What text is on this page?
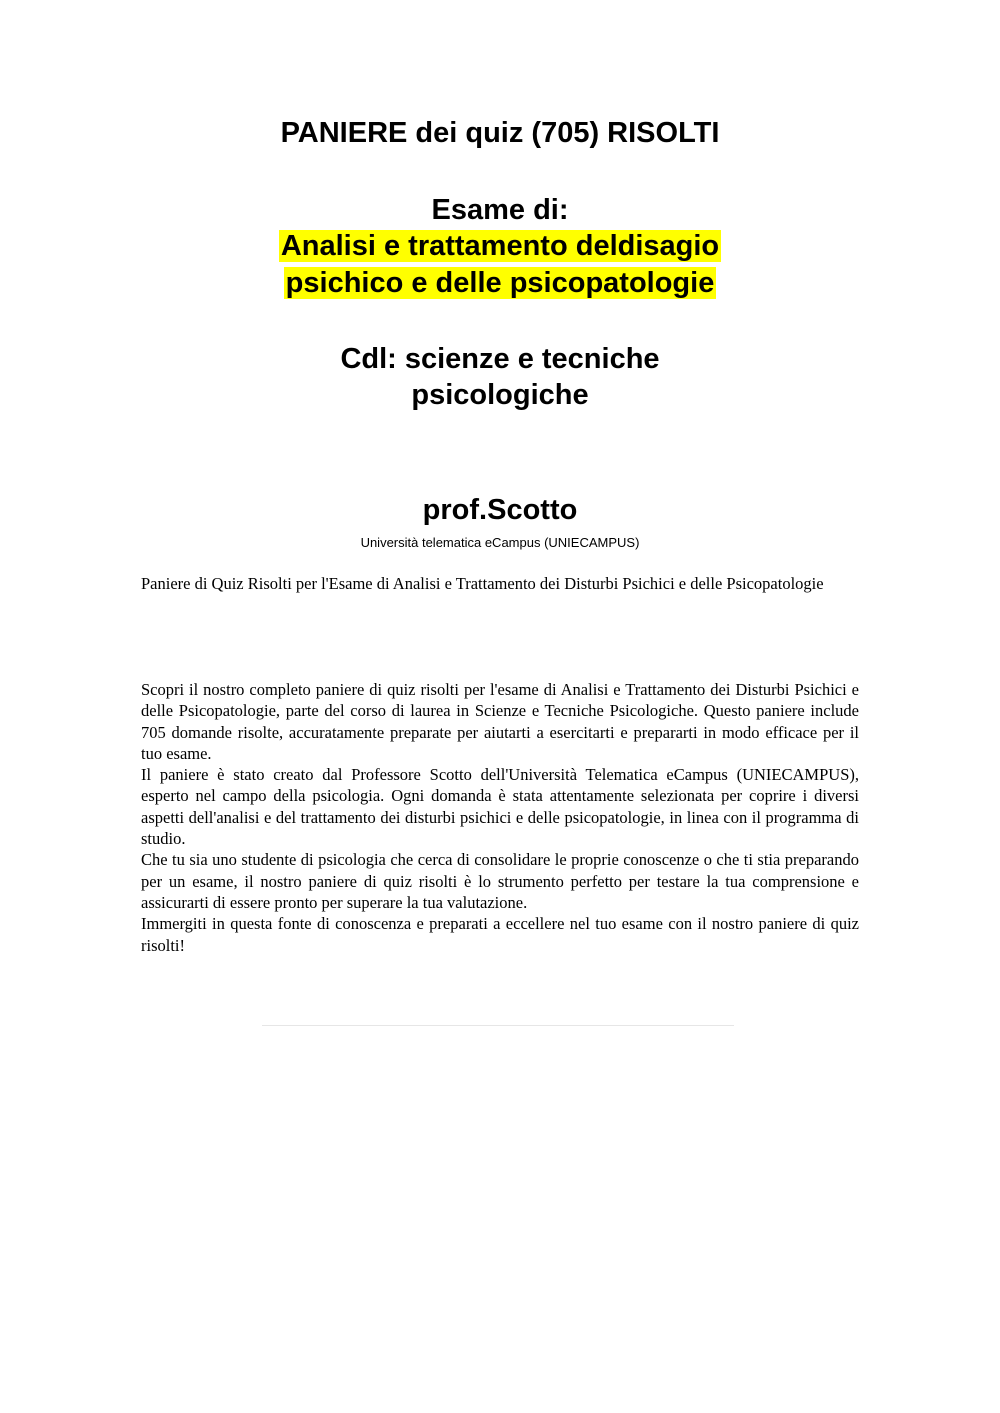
PANIERE dei quiz (705) RISOLTI
Esame di:
Analisi e trattamento deldisagio
psichico e delle psicopatologie
Cdl: scienze e tecniche
psicologiche
prof.Scotto

Università telematica eCampus (UNIECAMPUS)

Paniere di Quiz Risolti per l'Esame di Analisi e Trattamento dei Disturbi Psichici e delle Psicopatologie

Scopri il nostro completo paniere di quiz risolti per l'esame di Analisi e Trattamento dei Disturbi Psichici e delle Psicopatologie, parte del corso di laurea in Scienze e Tecniche Psicologiche. Questo paniere include 705 domande risolte, accuratamente preparate per aiutarti a esercitarti e prepararti in modo efficace per il tuo esame.

Il paniere è stato creato dal Professore Scotto dell'Università Telematica eCampus (UNIECAMPUS), esperto nel campo della psicologia. Ogni domanda è stata attentamente selezionata per coprire i diversi aspetti dell'analisi e del trattamento dei disturbi psichici e delle psicopatologie, in linea con il programma di studio.

Che tu sia uno studente di psicologia che cerca di consolidare le proprie conoscenze o che ti stia preparando per un esame, il nostro paniere di quiz risolti è lo strumento perfetto per testare la tua comprensione e assicurarti di essere pronto per superare la tua valutazione.

Immergiti in questa fonte di conoscenza e preparati a eccellere nel tuo esame con il nostro paniere di quiz risolti!
